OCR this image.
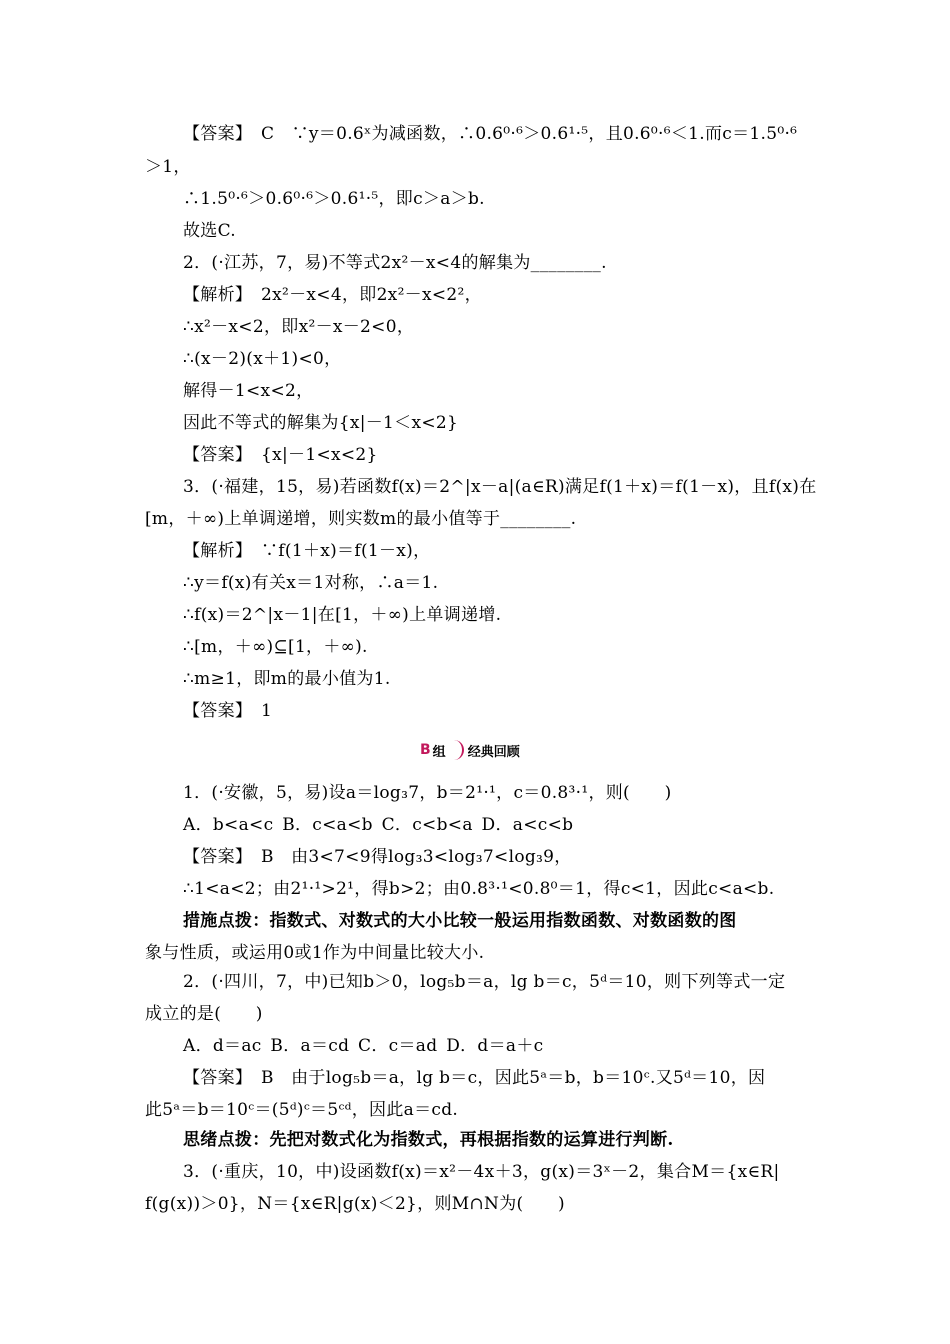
【答案】　C　∵y＝0.6ˣ为减函数，∴0.6⁰·⁶＞0.6¹·⁵，且0.6⁰·⁶＜1.而c＝1.5⁰·⁶
＞1，
∴1.5⁰·⁶＞0.6⁰·⁶＞0.6¹·⁵，即c＞a＞b.
故选C.
2．(·江苏，7，易)不等式2x²－x<4的解集为________.
【解析】　2x²－x<4，即2x²－x<2²，
∴x²－x<2，即x²－x－2<0，
∴(x－2)(x＋1)<0，
解得－1<x<2，
因此不等式的解集为{x|－1＜x<2}
【答案】　{x|－1<x<2}
3．(·福建，15，易)若函数f(x)＝2^|x－a|(a∈R)满足f(1＋x)＝f(1－x)，且f(x)在
[m，＋∞)上单调递增，则实数m的最小值等于________.
【解析】　∵f(1＋x)＝f(1－x)，
∴y＝f(x)有关x＝1对称，∴a＝1.
∴f(x)＝2^|x－1|在[1，＋∞)上单调递增.
∴[m，＋∞)⊆[1，＋∞).
∴m≥1，即m的最小值为1.
【答案】　1
B 组 经典回顾
1．(·安徽，5，易)设a＝log₃7，b＝2¹·¹，c＝0.8³·¹，则(　　)
A．b<a<c B．c<a<b C．c<b<a D．a<c<b
【答案】　B　由3<7<9得log₃3<log₃7<log₃9，
∴1<a<2；由2¹·¹>2¹，得b>2；由0.8³·¹<0.8⁰＝1，得c<1，因此c<a<b.
措施点拨：指数式、对数式的大小比较一般运用指数函数、对数函数的图
象与性质，或运用0或1作为中间量比较大小.
2．(·四川，7，中)已知b＞0，log₅b＝a，lg b＝c，5ᵈ＝10，则下列等式一定
成立的是(　　)
A．d＝ac B．a＝cd C．c＝ad D．d＝a＋c
【答案】　B　由于log₅b＝a，lg b＝c，因此5ᵃ＝b，b＝10ᶜ.又5ᵈ＝10，因
此5ᵃ＝b＝10ᶜ＝(5ᵈ)ᶜ＝5ᶜᵈ，因此a＝cd.
思绪点拨：先把对数式化为指数式，再根据指数的运算进行判断.
3．(·重庆，10，中)设函数f(x)＝x²－4x＋3，g(x)＝3ˣ－2，集合M＝{x∈R|
f(g(x))＞0}，N＝{x∈R|g(x)＜2}，则M∩N为(　　)
